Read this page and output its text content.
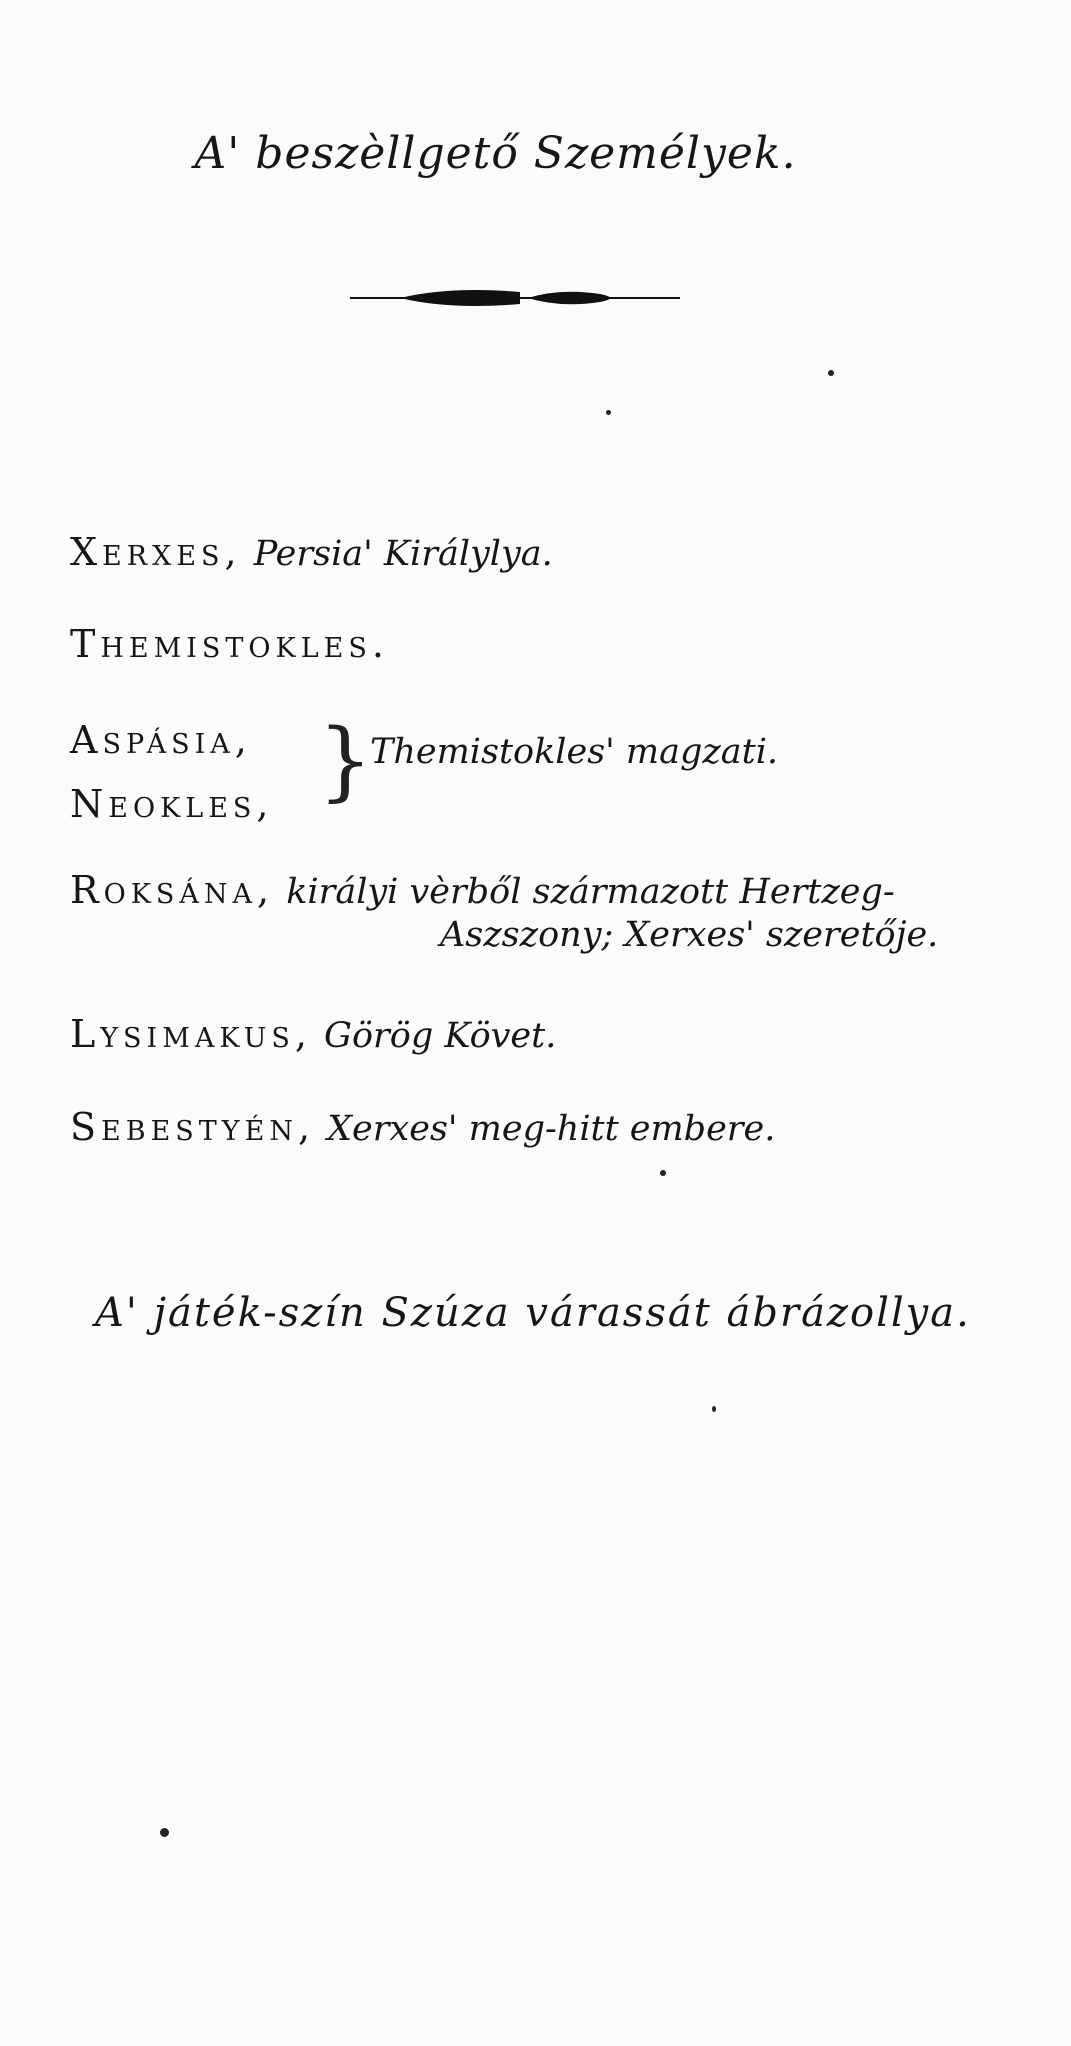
A' beszèllgető Személyek.
Xerxes, Persia' Királylya.
Themistokles.
Aspásia,
Neokles, }
Themistokles' magzati.
Roksána, királyi vèrből származott Hertzeg-
Aszszony; Xerxes' szeretője.
Lysimakus, Görög Követ.
Sebestyén, Xerxes' meg-hitt embere.
A' játék-szín Szúza várassát ábrázollya.
